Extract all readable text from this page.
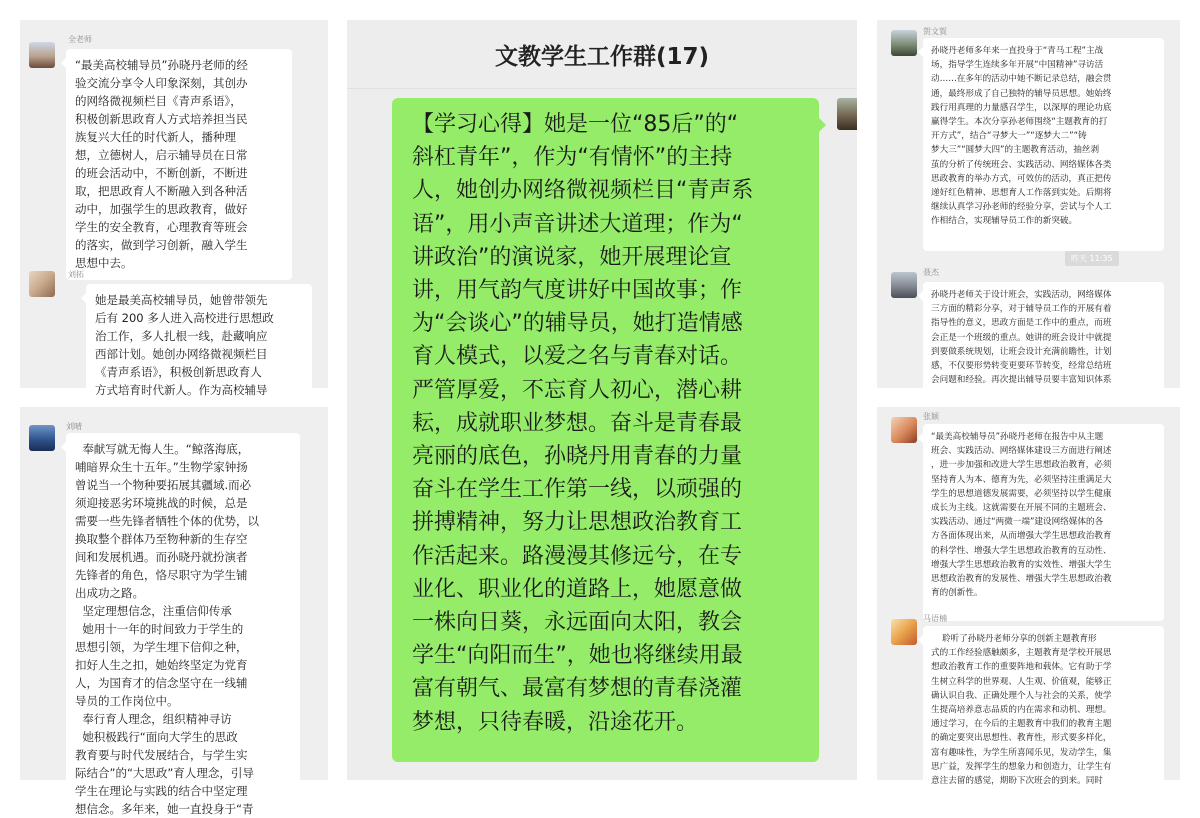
全老师
“最美高校辅导员”孙晓丹老师的经
验交流分享令人印象深刻，其创办
的网络微视频栏目《青声系语》，
积极创新思政育人方式培养担当民
族复兴大任的时代新人，播种理
想，立德树人，启示辅导员在日常
的班会活动中，不断创新，不断进
取，把思政育人不断融入到各种活
动中，加强学生的思政教育，做好
学生的安全教育，心理教育等班会
的落实，做到学习创新，融入学生
思想中去。
刘拓
她是最美高校辅导员，她曾带领先
后有 200 多人进入高校进行思想政
治工作，多人扎根一线，赴藏响应
西部计划。她创办网络微视频栏目
《青声系语》，积极创新思政育人
方式培育时代新人。作为高校辅导
刘晴
奉献写就无悔人生。“鲸落海底，
哺暗界众生十五年。”生物学家钟扬
曾说当一个物种要拓展其疆域.而必
须迎接恶劣环境挑战的时候，总是
需要一些先锋者牺牲个体的优势，以
换取整个群体乃至物种新的生存空
间和发展机遇。而孙晓丹就扮演者
先锋者的角色，恪尽职守为学生铺
出成功之路。
坚定理想信念，注重信仰传承
她用十一年的时间致力于学生的
思想引领，为学生埋下信仰之种，
扣好人生之扣，她始终坚定为党育
人，为国育才的信念坚守在一线辅
导员的工作岗位中。
奉行育人理念，组织精神寻访
她积极践行“面向大学生的思政
教育要与时代发展结合，与学生实
际结合”的“大思政”育人理念，引导
学生在理论与实践的结合中坚定理
想信念。多年来，她一直投身于“青
文教学生工作群(17)
【学习心得】她是一位“85后”的“
斜杠青年”，作为“有情怀”的主持
人，她创办网络微视频栏目“青声系
语”，用小声音讲述大道理；作为“
讲政治”的演说家，她开展理论宣
讲，用气韵气度讲好中国故事；作
为“会谈心”的辅导员，她打造情感
育人模式，以爱之名与青春对话。
严管厚爱，不忘育人初心，潜心耕
耘，成就职业梦想。奋斗是青春最
亮丽的底色，孙晓丹用青春的力量
奋斗在学生工作第一线，以顽强的
拼搏精神，努力让思想政治教育工
作活起来。路漫漫其修远兮，在专
业化、职业化的道路上，她愿意做
一株向日葵，永远面向太阳，教会
学生“向阳而生”，她也将继续用最
富有朝气、最富有梦想的青春浇灌
梦想，只待春暖，沿途花开。
贺文賀
孙晓丹老师多年来一直投身于“青马工程”主战
场，指导学生连续多年开展“中国精神”寻访活
动……在多年的活动中她不断记录总结，融会贯
通，最终形成了自己独特的辅导员思想。她始终
践行用真理的力量感召学生，以深厚的理论功底
赢得学生。本次分享孙老师围绕“主题教育的打
开方式”，结合“寻梦大一”“逐梦大二”“铸
梦大三”“圆梦大四”的主题教育活动，抽丝剥
茧的分析了传统班会、实践活动、网络媒体各类
思政教育的举办方式，可效仿的活动，真正把传
递好红色精神、思想育人工作落到实处。后期将
继续认真学习孙老师的经验分享，尝试与个人工
作相结合，实现辅导员工作的新突破。
昨天 11:35
聂杰
孙晓丹老师关于设计班会，实践活动，网络媒体
三方面的精彩分享，对于辅导员工作的开展有着
指导性的意义，思政方面是工作中的重点，而班
会正是一个班级的重点。她讲的班会设计中就提
到要做系统规划，让班会设计充满前瞻性，计划
感，不仅要形势转变更要环节转变，经常总结班
会问题和经验。再次提出辅导员要丰富知识体系
张颖
“最美高校辅导员”孙晓丹老师在报告中从主题
班会、实践活动、网络媒体建设三方面进行阐述
，进一步加强和改进大学生思想政治教育，必须
坚持育人为本、德育为先，必须坚持注重满足大
学生的思想道德发展需要，必须坚持以学生健康
成长为主线。这就需要在开展不同的主题班会、
实践活动、通过“两微一端”建设网络媒体的各
方各面体现出来，从而增强大学生思想政治教育
的科学性、增强大学生思想政治教育的互动性、
增强大学生思想政治教育的实效性、增强大学生
思想政治教育的发展性、增强大学生思想政治教
育的创新性。
马语楠
聆听了孙晓丹老师分享的创新主题教育形
式的工作经验感触颇多，主题教育是学校开展思
想政治教育工作的重要阵地和载体。它有助于学
生树立科学的世界观、人生观、价值观，能够正
确认识自我、正确处理个人与社会的关系，使学
生提高培养意志品质的内在需求和动机、理想。
通过学习，在今后的主题教育中我们的教育主题
的确定要突出思想性、教育性，形式要多样化，
富有趣味性，为学生所喜闻乐见，发动学生，集
思广益，发挥学生的想象力和创造力，让学生有
意注去留的感觉，期盼下次班会的到来。同时
